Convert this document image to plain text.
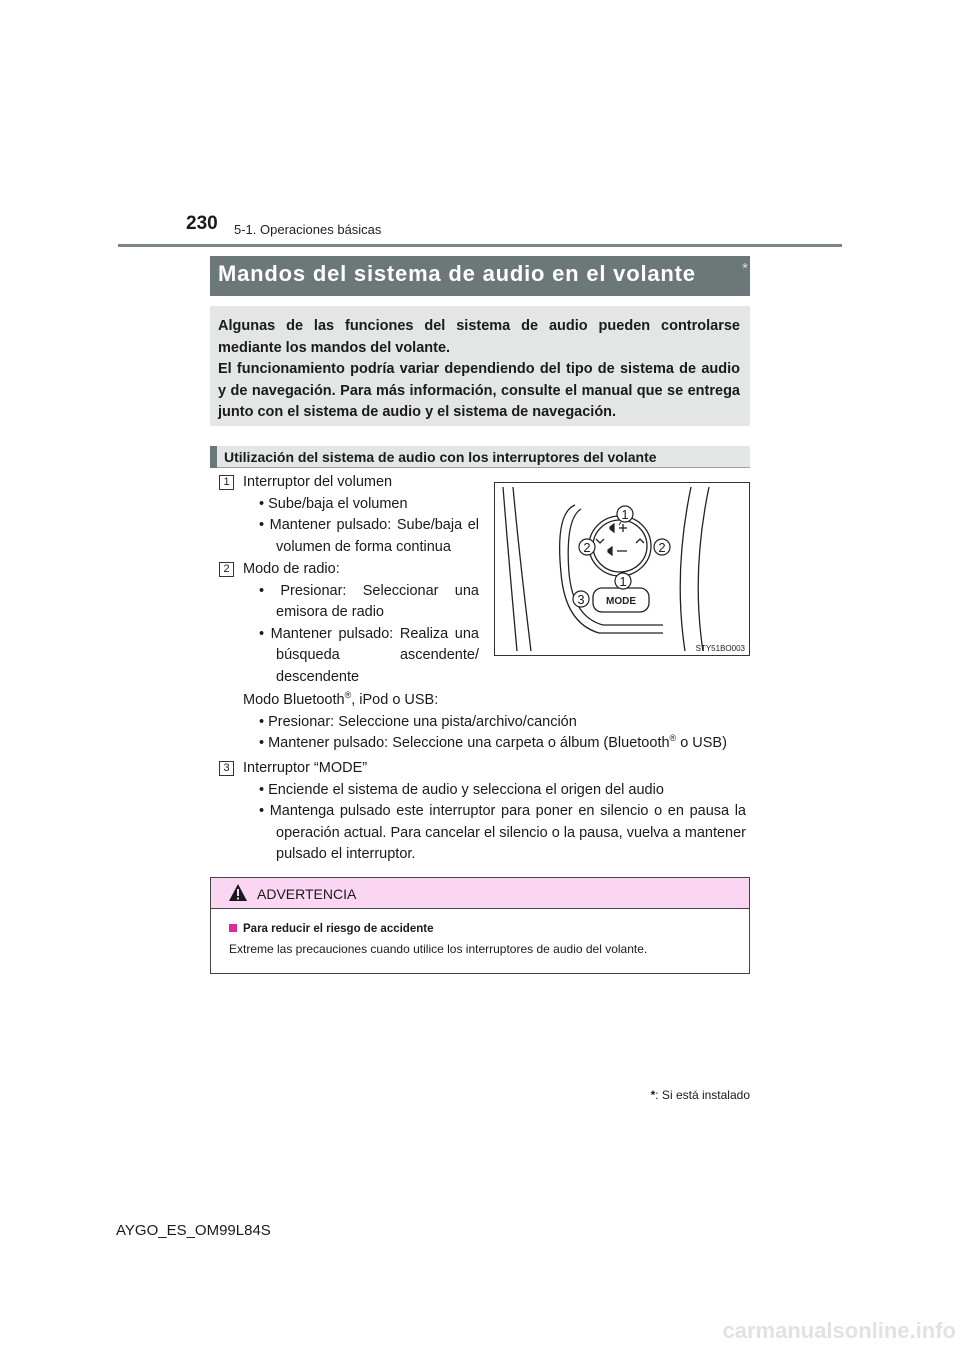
230 5-1. Operaciones básicas
Mandos del sistema de audio en el volante	*

Algunas de las funciones del sistema de audio pueden controlarse mediante los mandos del volante.

El funcionamiento podría variar dependiendo del tipo de sistema de audio y de navegación. Para más información, consulte el manual que se entrega junto con el sistema de audio y el sistema de navegación.

Utilización del sistema de audio con los interruptores del volante
1 Interruptor del volumen
• Sube/baja el volumen
• Mantener pulsado: Sube/baja el volumen de forma continua
2 Modo de radio:
• Presionar: Seleccionar una emisora de radio
• Mantener pulsado: Realiza una búsqueda ascendente/ descendente
Modo Bluetooth®, iPod o USB:
• Presionar: Seleccione una pista/archivo/canción
• Mantener pulsado: Seleccione una carpeta o álbum (Bluetooth® o USB)
3 Interruptor “MODE”
• Enciende el sistema de audio y selecciona el origen del audio
• Mantenga pulsado este interruptor para poner en silencio o en pausa la operación actual. Para cancelar el silencio o la pausa, vuelva a mantener pulsado el interruptor.
1
2	2
1
3 MODE
STY51BO003
ADVERTENCIA
Para reducir el riesgo de accidente
Extreme las precauciones cuando utilice los interruptores de audio del volante.
*: Si está instalado
AYGO_ES_OM99L84S
carmanualsonline.info
